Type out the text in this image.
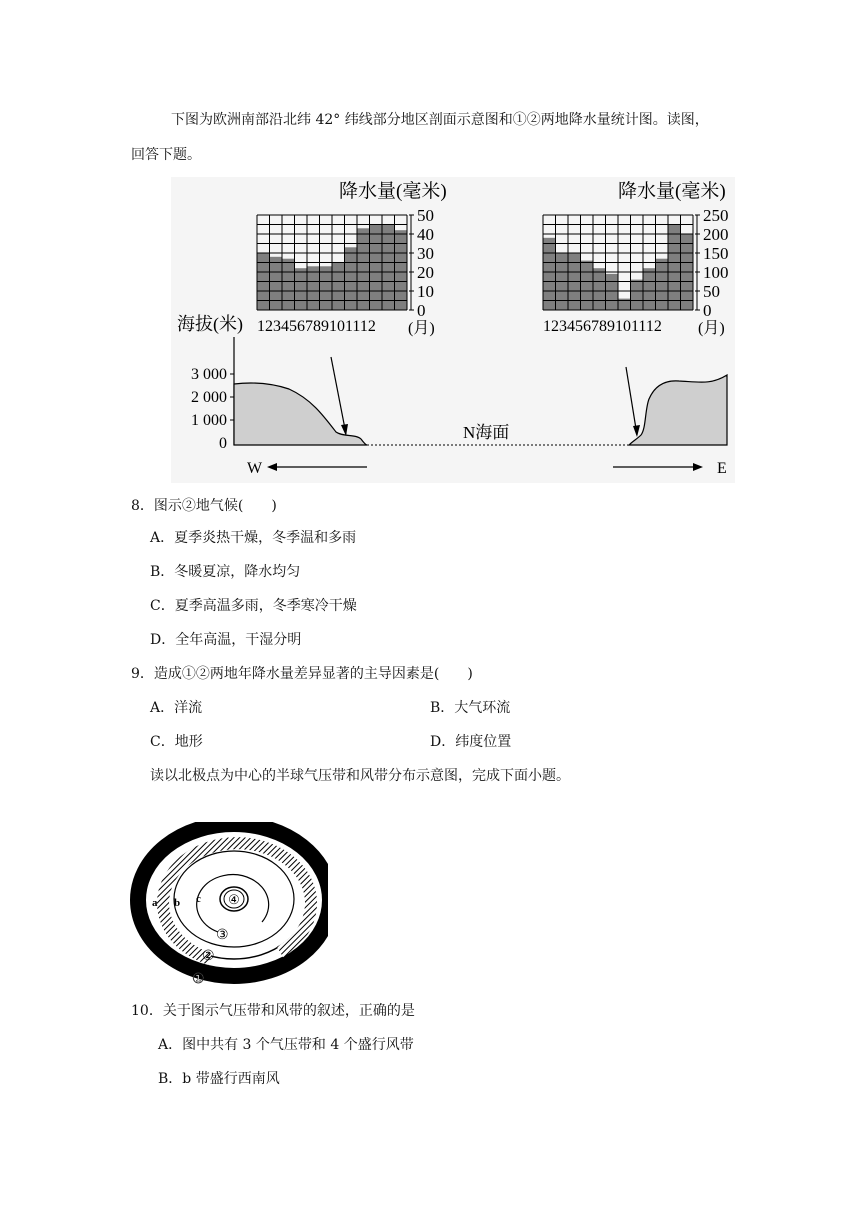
下图为欧洲南部沿北纬 42° 纬线部分地区剖面示意图和①②两地降水量统计图。读图，
回答下题。
降水量(毫米)
50
40
30
20
10
0
123456789101112 (月)
降水量(毫米)
250
200
150
100
50
0
123456789101112 (月)
海拔(米)
3 000
2 000
1 000
0
N海面
W	E
8．图示②地气候(　　)
A．夏季炎热干燥，冬季温和多雨
B．冬暖夏凉，降水均匀
C．夏季高温多雨，冬季寒冷干燥
D．全年高温，干湿分明
9．造成①②两地年降水量差异显著的主导因素是(　　)
A．洋流	B．大气环流
C．地形	D．纬度位置
读以北极点为中心的半球气压带和风带分布示意图，完成下面小题。
④
a b c
③
②
①
10．关于图示气压带和风带的叙述，正确的是
A．图中共有 3 个气压带和 4 个盛行风带
B．b 带盛行西南风
